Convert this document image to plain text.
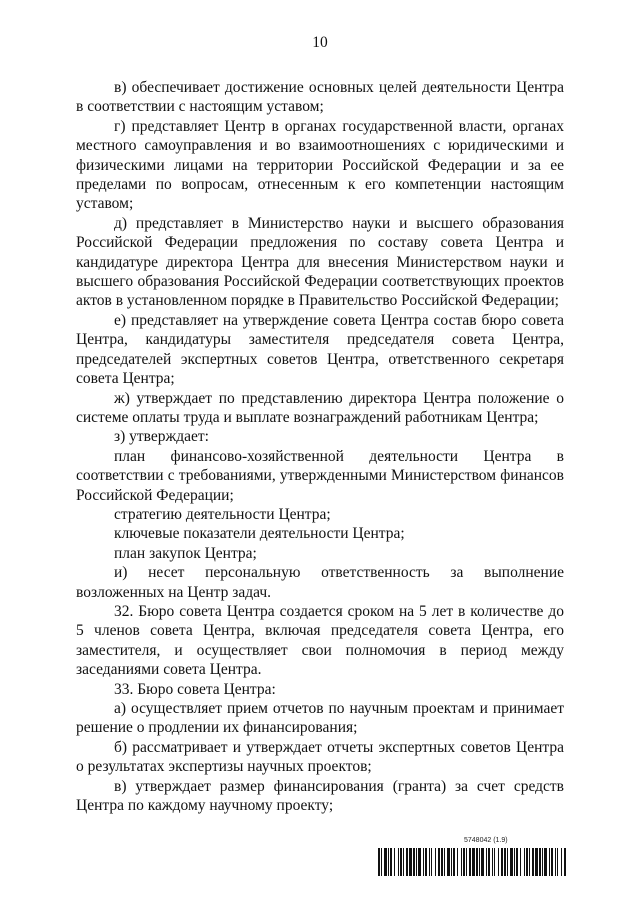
10

в) обеспечивает достижение основных целей деятельности Центра в соответствии с настоящим уставом;

г) представляет Центр в органах государственной власти, органах местного самоуправления и во взаимоотношениях с юридическими и физическими лицами на территории Российской Федерации и за ее пределами по вопросам, отнесенным к его компетенции настоящим уставом;

д) представляет в Министерство науки и высшего образования Российской Федерации предложения по составу совета Центра и кандидатуре директора Центра для внесения Министерством науки и высшего образования Российской Федерации соответствующих проектов актов в установленном порядке в Правительство Российской Федерации;

е) представляет на утверждение совета Центра состав бюро совета Центра, кандидатуры заместителя председателя совета Центра, председателей экспертных советов Центра, ответственного секретаря совета Центра;

ж) утверждает по представлению директора Центра положение о системе оплаты труда и выплате вознаграждений работникам Центра;

з) утверждает:

план финансово-хозяйственной деятельности Центра в соответствии с требованиями, утвержденными Министерством финансов Российской Федерации;

стратегию деятельности Центра;

ключевые показатели деятельности Центра;

план закупок Центра;

и) несет персональную ответственность за выполнение возложенных на Центр задач.

32. Бюро совета Центра создается сроком на 5 лет в количестве до 5 членов совета Центра, включая председателя совета Центра, его заместителя, и осуществляет свои полномочия в период между заседаниями совета Центра.

33. Бюро совета Центра:

а) осуществляет прием отчетов по научным проектам и принимает решение о продлении их финансирования;

б) рассматривает и утверждает отчеты экспертных советов Центра о результатах экспертизы научных проектов;

в) утверждает размер финансирования (гранта) за счет средств Центра по каждому научному проекту;

5748042 (1.9)
